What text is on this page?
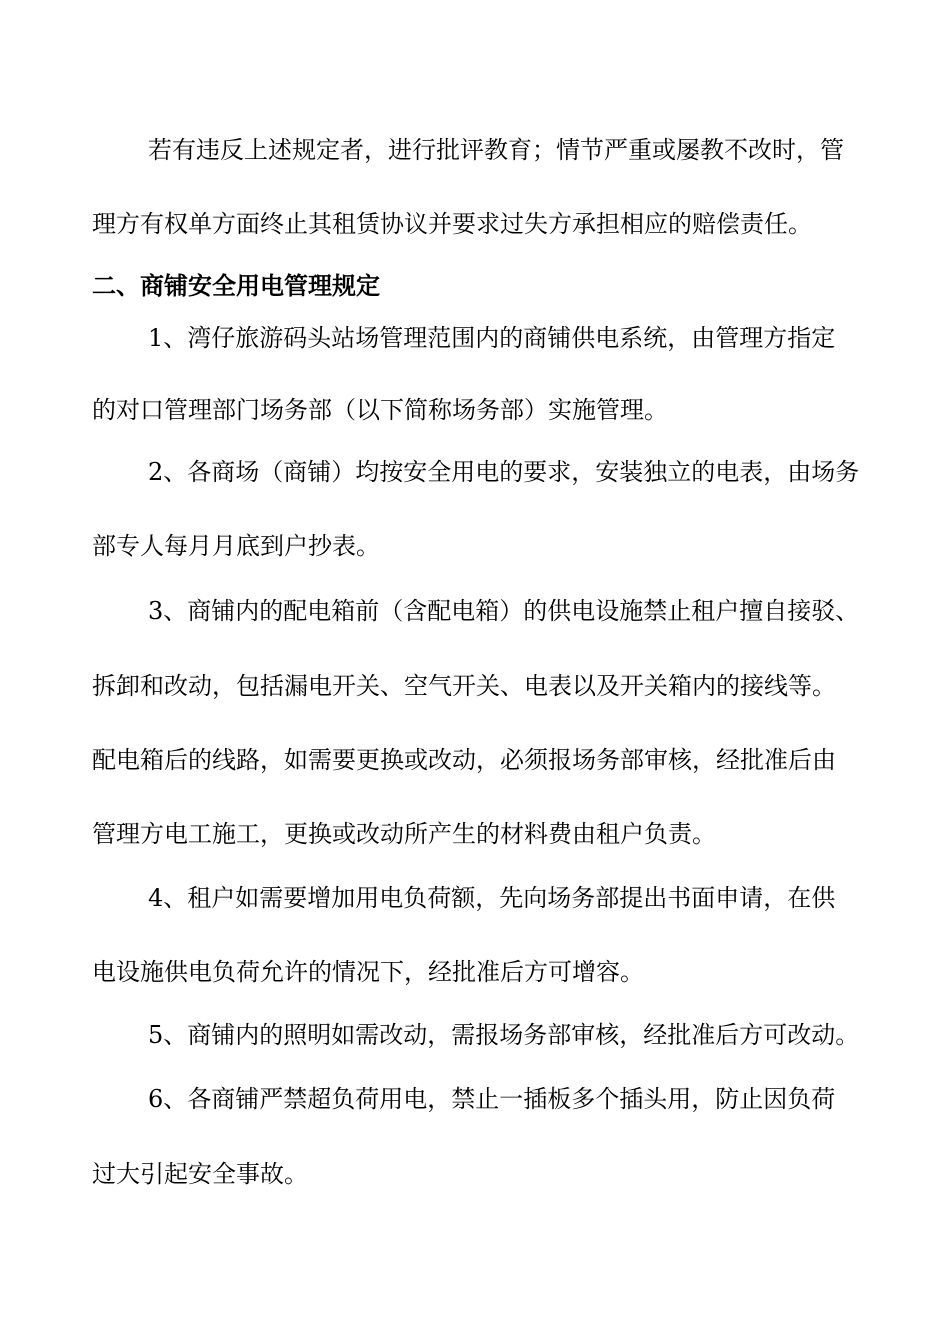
若有违反上述规定者，进行批评教育；情节严重或屡教不改时，管
理方有权单方面终止其租赁协议并要求过失方承担相应的赔偿责任。
二、商铺安全用电管理规定
1、湾仔旅游码头站场管理范围内的商铺供电系统，由管理方指定
的对口管理部门场务部（以下简称场务部）实施管理。
2、各商场（商铺）均按安全用电的要求，安装独立的电表，由场务
部专人每月月底到户抄表。
3、商铺内的配电箱前（含配电箱）的供电设施禁止租户擅自接驳、
拆卸和改动，包括漏电开关、空气开关、电表以及开关箱内的接线等。
配电箱后的线路，如需要更换或改动，必须报场务部审核，经批准后由
管理方电工施工，更换或改动所产生的材料费由租户负责。
4、租户如需要增加用电负荷额，先向场务部提出书面申请，在供
电设施供电负荷允许的情况下，经批准后方可增容。
5、商铺内的照明如需改动，需报场务部审核，经批准后方可改动。
6、各商铺严禁超负荷用电，禁止一插板多个插头用，防止因负荷
过大引起安全事故。
